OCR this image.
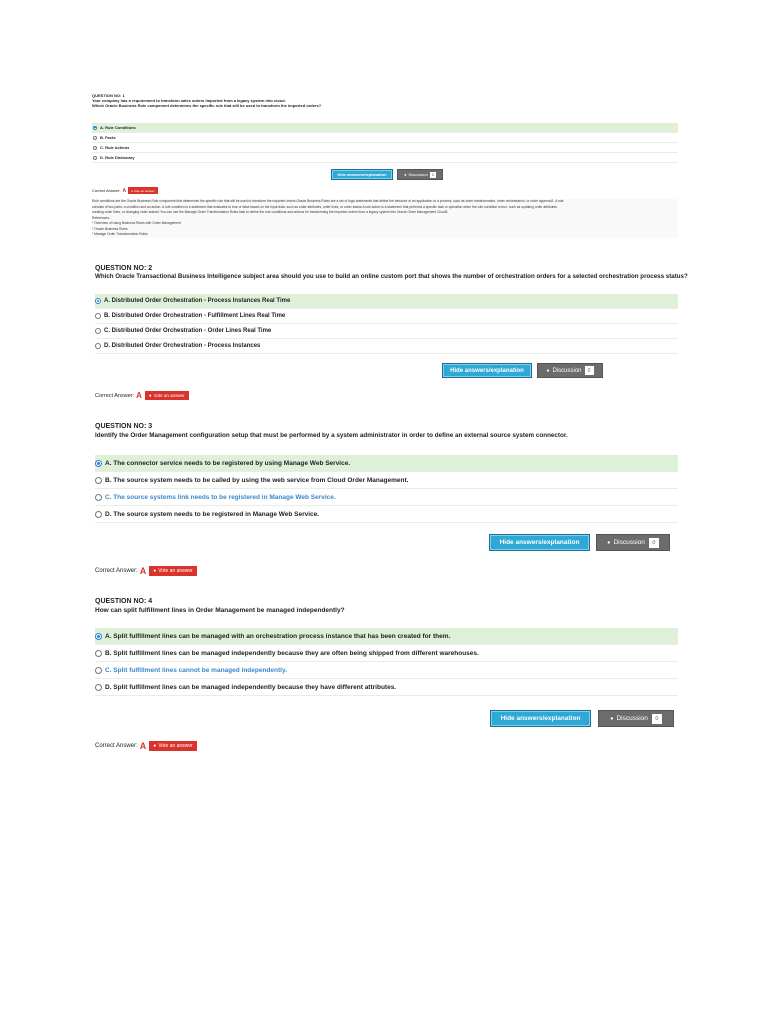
QUESTION NO: 1
Your company has a requirement to transform sales orders imported from a legacy system into cloud.
Which Oracle Business Rule component determines the specific rule that will be used to transform the imported orders?
A. Rule Conditions
B. Facts
C. Rule Actions
D. Rule Dictionary
Hide answers/explanation	● Discussion 0
Correct Answer: A ● Vote an answer

Rule conditions are the Oracle Business Rule component that determines the specific rule that will be used to transform the imported orders.Oracle Business Rules are a set of logic statements that define the behavior of an application or a process, such as order transformation, order orchestration, or order approval1. A rule

consists of two parts: a condition and an action. A rule condition is a statement that evaluates to true or false based on the input data, such as order attributes, order lines, or order status.A rule action is a statement that performs a specific task or operation when the rule condition is true, such as updating order attributes,

creating order lines, or changing order status2.You can use the Manage Order Transformation Rules task to define the rule conditions and actions for transforming the imported orders from a legacy system into Oracle Order Management Cloud3.

References:

* Overview of Using Business Rules with Order Management

* Oracle Business Rules

* Manage Order Transformation Rules

QUESTION NO: 2
Which Oracle Transactional Business Intelligence subject area should you use to build an online custom port that shows the number of orchestration orders for a selected orchestration process status?
A. Distributed Order Orchestration - Process Instances Real Time
B. Distributed Order Orchestration - Fulfillment Lines Real Time
C. Distributed Order Orchestration - Order Lines Real Time
D. Distributed Order Orchestration - Process Instances
Hide answers/explanation	● Discussion	0
Correct Answer: A ● Vote an answer
QUESTION NO: 3
Identify the Order Management configuration setup that must be performed by a system administrator in order to define an external source system connector.
A. The connector service needs to be registered by using Manage Web Service.
B. The source system needs to be called by using the web service from Cloud Order Management.
C. The source systems link needs to be registered in Manage Web Service.
D. The source system needs to be registered in Manage Web Service.
Hide answers/explanation	● Discussion	0
Correct Answer: A ● Vote an answer
QUESTION NO: 4
How can split fulfillment lines in Order Management be managed independently?
A. Split fulfillment lines can be managed with an orchestration process instance that has been created for them.
B. Split fulfillment lines can be managed independently because they are often being shipped from different warehouses.
C. Split fulfillment lines cannot be managed independently.
D. Split fulfillment lines can be managed independently because they have different attributes.
Hide answers/explanation	● Discussion	0
Correct Answer: A ● Vote an answer
